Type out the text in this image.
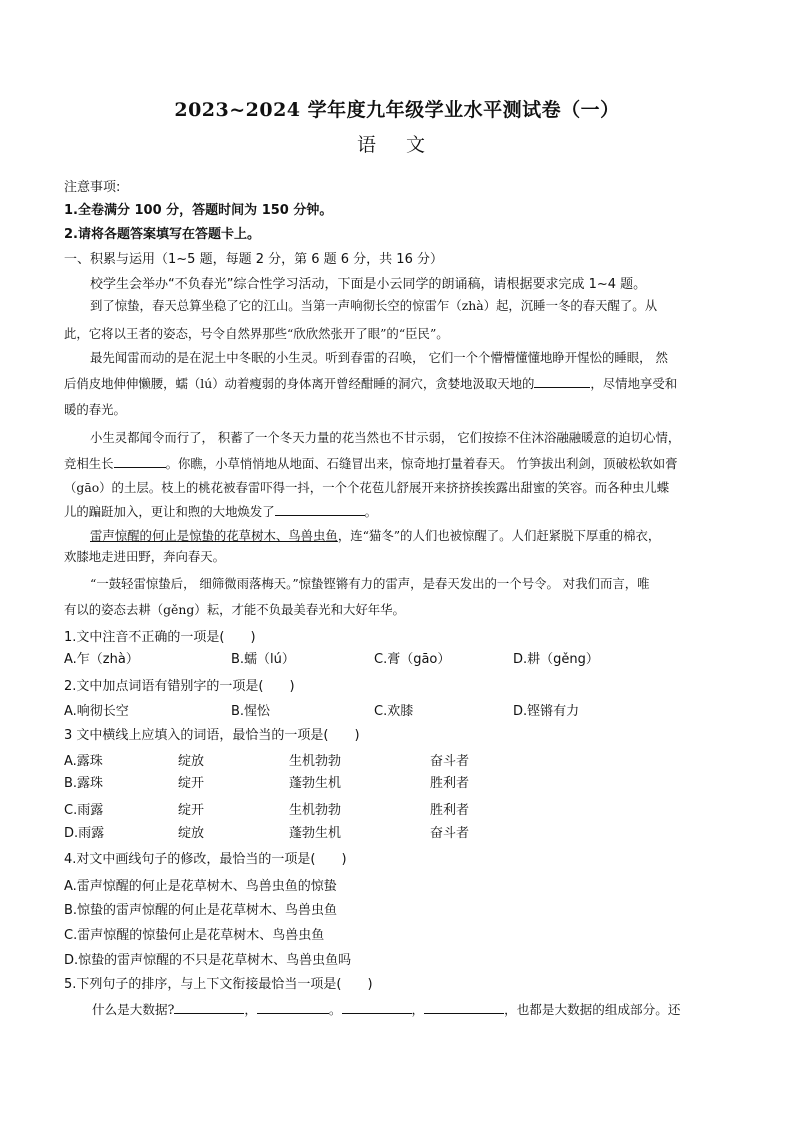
2023~2024 学年度九年级学业水平测试卷（一）
语 文
注意事项:
1.全卷满分 100 分，答题时间为 150 分钟。
2.请将各题答案填写在答题卡上。
一、积累与运用（1~5 题，每题 2 分，第 6 题 6 分，共 16 分）
校学生会举办“不负春光”综合性学习活动，下面是小云同学的朗诵稿，请根据要求完成 1~4 题。
到了惊蛰，春天总算坐稳了它的江山。当第一声响彻长空的惊雷乍（zhà）起，沉睡一冬的春天醒了。从
此，它将以王者的姿态，号令自然界那些“欣欣然张开了眼”的“臣民”。
最先闻雷而动的是在泥土中冬眠的小生灵。听到春雷的召唤， 它们一个个懵懵懂懂地睁开惺忪的睡眼， 然
后俏皮地伸伸懒腰，蠕（lú）动着瘦弱的身体离开曾经酣睡的洞穴，贪婪地汲取天地的	，尽情地享受和
暖的春光。
小生灵都闻令而行了， 积蓄了一个冬天力量的花当然也不甘示弱， 它们按捺不住沐浴融融暖意的迫切心情，
竞相生长	。你瞧，小草悄悄地从地面、石缝冒出来，惊奇地打量着春天。 竹笋拔出利剑，顶破松软如膏
（gāo）的土层。枝上的桃花被春雷吓得一抖，一个个花苞儿舒展开来挤挤挨挨露出甜蜜的笑容。而各种虫儿蝶
儿的蹁跹加入，更让和煦的大地焕发了	。
雷声惊醒的何止是惊蛰的花草树木、鸟兽虫鱼，连“猫冬”的人们也被惊醒了。人们赶紧脱下厚重的棉衣，
欢膝地走进田野，奔向春天。
“一鼓轻雷惊蛰后， 细筛微雨落梅天。”惊蛰铿锵有力的雷声，是春天发出的一个号令。 对我们而言，唯
有以的姿态去耕（gěng）耘，才能不负最美春光和大好年华。
1.文中注音不正确的一项是(　　)
A.乍（zhà）	B.蠕（lú）	C.膏（gāo）	D.耕（gěng）
2.文中加点词语有错别字的一项是(　　)
A.响彻长空	B.惺忪	C.欢膝	D.铿锵有力
3 文中横线上应填入的词语，最恰当的一项是(　　)
A.露珠	绽放	生机勃勃	奋斗者
B.露珠	绽开	蓬勃生机	胜利者
C.雨露	绽开	生机勃勃	胜利者
D.雨露	绽放	蓬勃生机	奋斗者
4.对文中画线句子的修改，最恰当的一项是(　　)
A.雷声惊醒的何止是花草树木、鸟兽虫鱼的惊蛰
B.惊蛰的雷声惊醒的何止是花草树木、鸟兽虫鱼
C.雷声惊醒的惊蛰何止是花草树木、鸟兽虫鱼
D.惊蛰的雷声惊醒的不只是花草树木、鸟兽虫鱼吗
5.下列句子的排序，与上下文衔接最恰当一项是(　　)
什么是大数据?	，	。	，	，也都是大数据的组成部分。还
